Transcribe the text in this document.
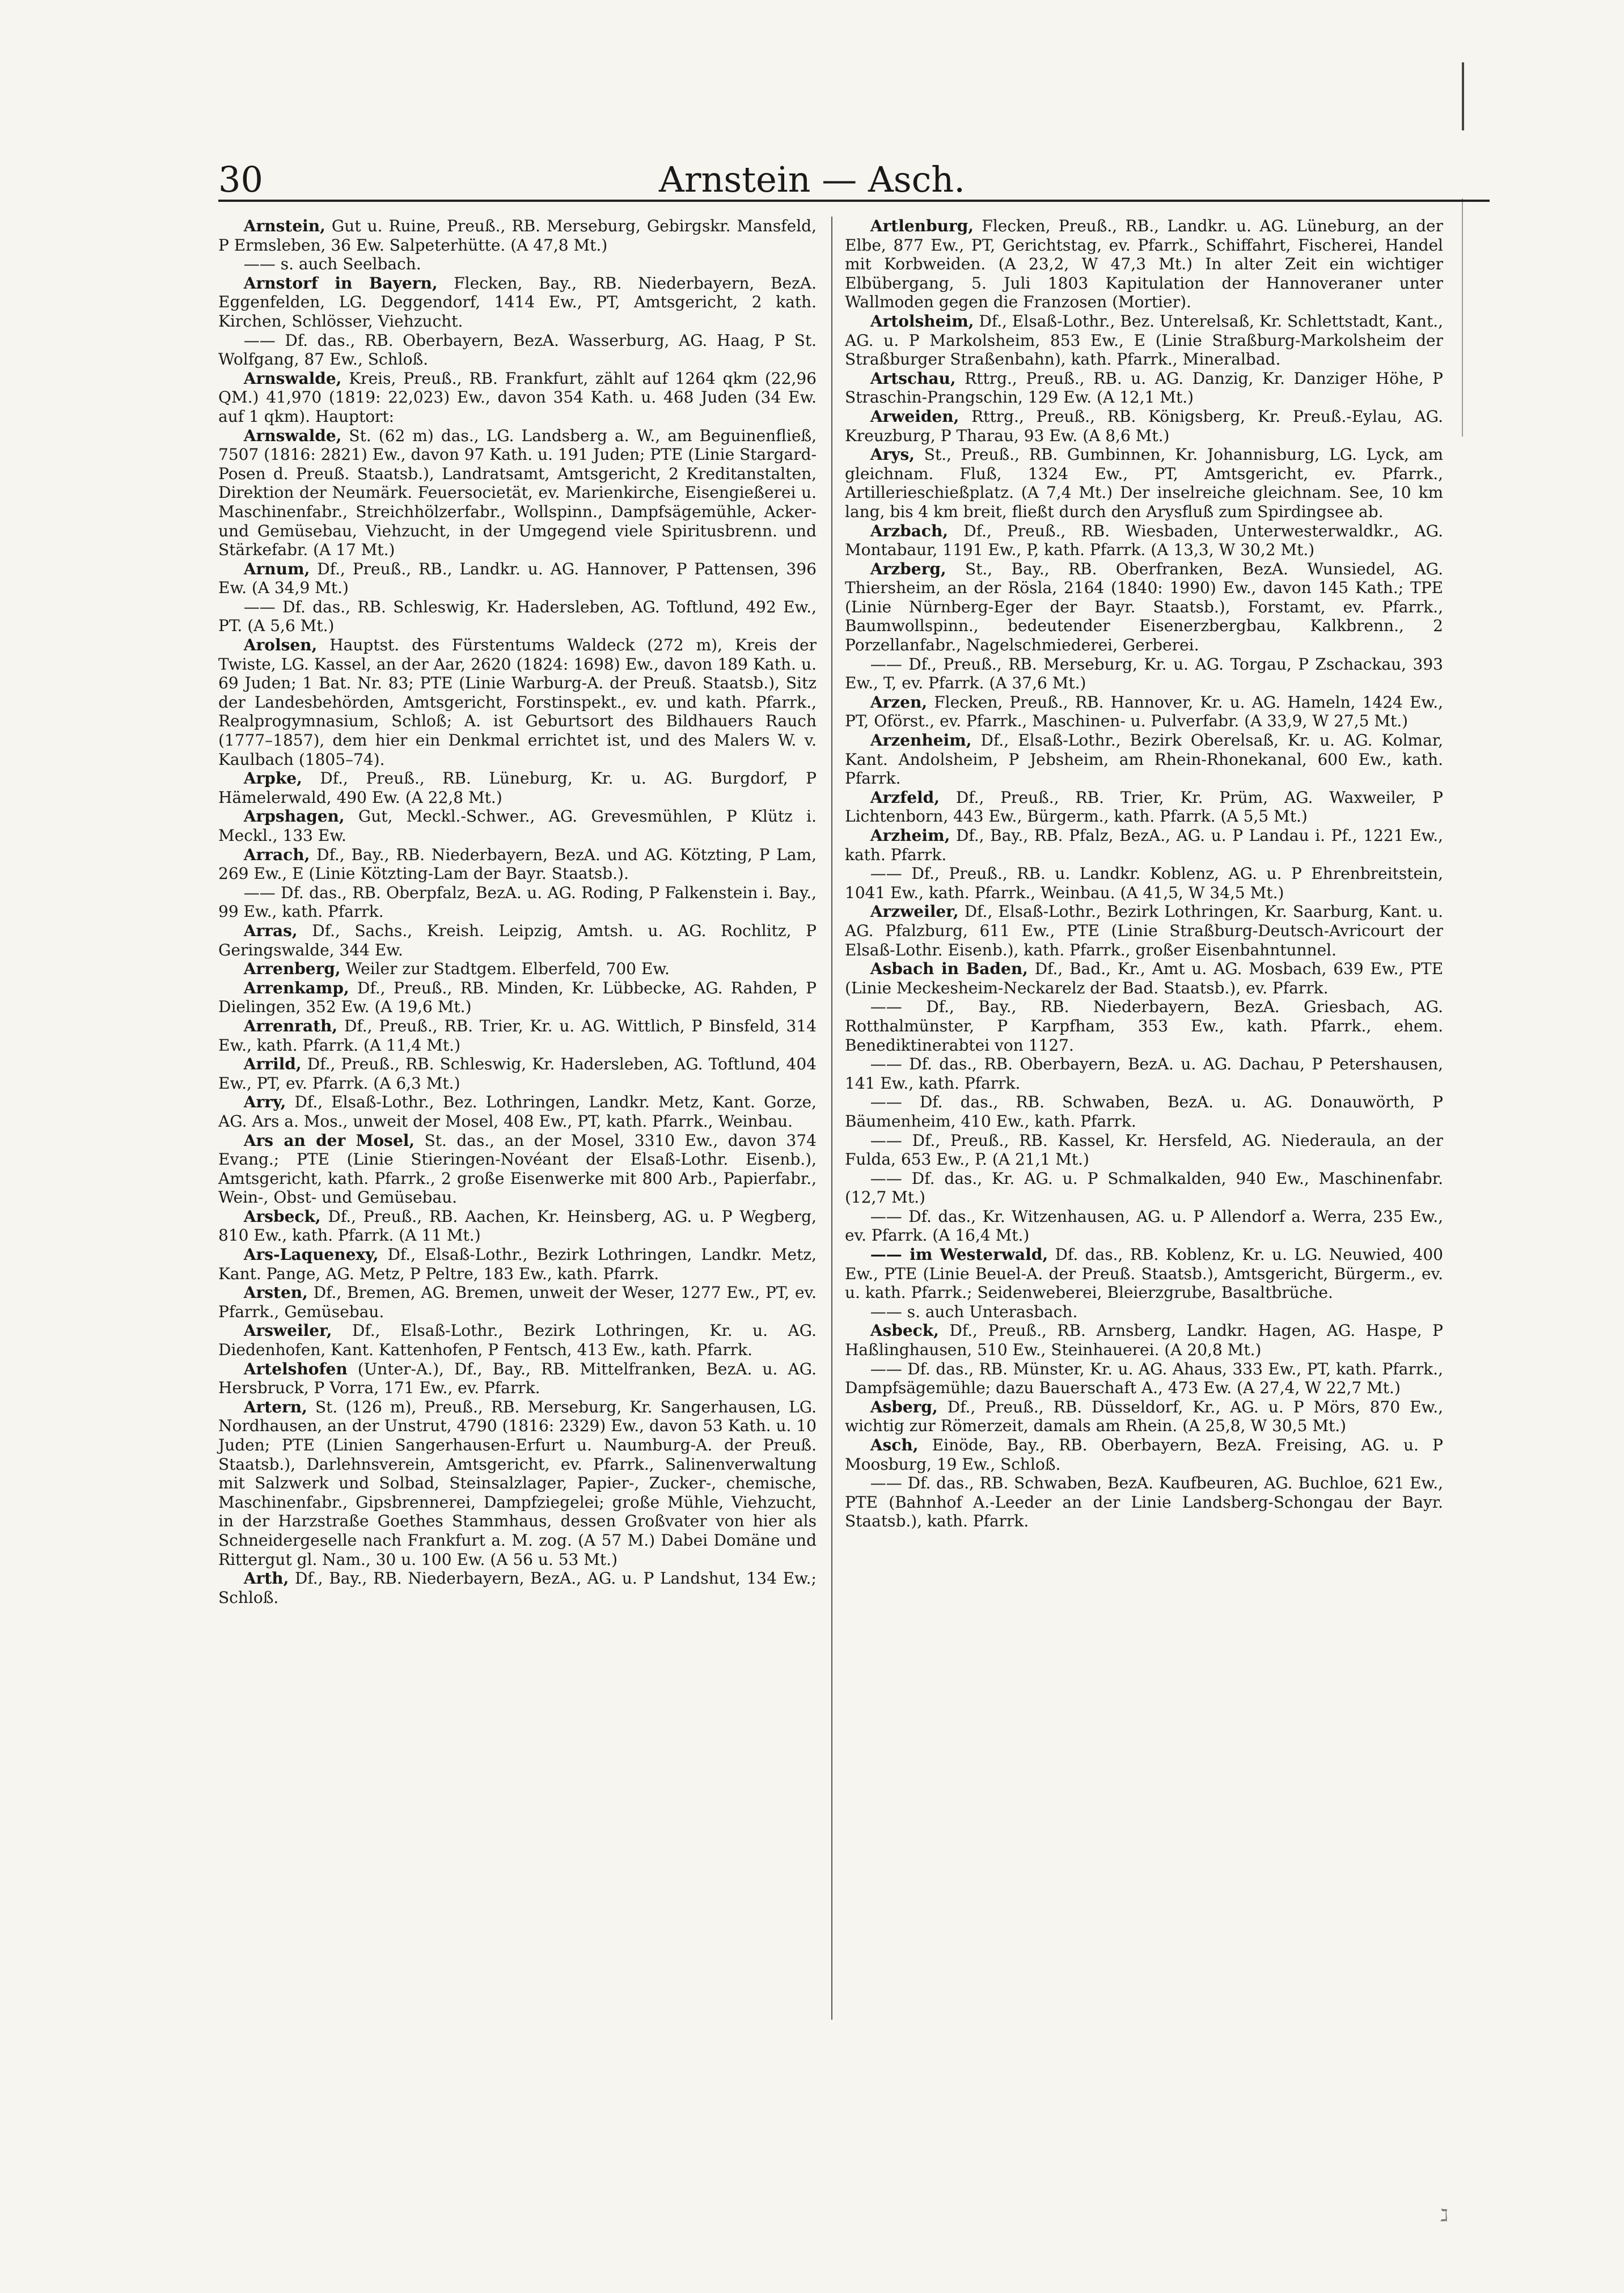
30	Arnstein — Asch.

Arnstein, Gut u. Ruine, Preuß., RB. Merseburg, Gebirgskr. Mansfeld, P Ermsleben, 36 Ew. Salpeterhütte. (A 47,8 Mt.)

—— s. auch Seelbach.

Arnstorf in Bayern, Flecken, Bay., RB. Niederbayern, BezA. Eggenfelden, LG. Deggendorf, 1414 Ew., PT, Amtsgericht, 2 kath. Kirchen, Schlösser, Viehzucht.

—— Df. das., RB. Oberbayern, BezA. Wasserburg, AG. Haag, P St. Wolfgang, 87 Ew., Schloß.

Arnswalde, Kreis, Preuß., RB. Frankfurt, zählt auf 1264 qkm (22,96 QM.) 41,970 (1819: 22,023) Ew., davon 354 Kath. u. 468 Juden (34 Ew. auf 1 qkm). Hauptort:

Arnswalde, St. (62 m) das., LG. Landsberg a. W., am Beguinenfließ, 7507 (1816: 2821) Ew., davon 97 Kath. u. 191 Juden; PTE (Linie Stargard-Posen d. Preuß. Staatsb.), Landratsamt, Amtsgericht, 2 Kreditanstalten, Direktion der Neumärk. Feuersocietät, ev. Marienkirche, Eisengießerei u. Maschinenfabr., Streichhölzerfabr., Wollspinn., Dampfsägemühle, Acker- und Gemüsebau, Viehzucht, in der Umgegend viele Spiritusbrenn. und Stärkefabr. (A 17 Mt.)

Arnum, Df., Preuß., RB., Landkr. u. AG. Hannover, P Pattensen, 396 Ew. (A 34,9 Mt.)

—— Df. das., RB. Schleswig, Kr. Hadersleben, AG. Toftlund, 492 Ew., PT. (A 5,6 Mt.)

Arolsen, Hauptst. des Fürstentums Waldeck (272 m), Kreis der Twiste, LG. Kassel, an der Aar, 2620 (1824: 1698) Ew., davon 189 Kath. u. 69 Juden; 1 Bat. Nr. 83; PTE (Linie Warburg-A. der Preuß. Staatsb.), Sitz der Landesbehörden, Amtsgericht, Forstinspekt., ev. und kath. Pfarrk., Realprogymnasium, Schloß; A. ist Geburtsort des Bildhauers Rauch (1777–1857), dem hier ein Denkmal errichtet ist, und des Malers W. v. Kaulbach (1805–74).

Arpke, Df., Preuß., RB. Lüneburg, Kr. u. AG. Burgdorf, P Hämelerwald, 490 Ew. (A 22,8 Mt.)

Arpshagen, Gut, Meckl.-Schwer., AG. Grevesmühlen, P Klütz i. Meckl., 133 Ew.

Arrach, Df., Bay., RB. Niederbayern, BezA. und AG. Kötzting, P Lam, 269 Ew., E (Linie Kötzting-Lam der Bayr. Staatsb.).

—— Df. das., RB. Oberpfalz, BezA. u. AG. Roding, P Falkenstein i. Bay., 99 Ew., kath. Pfarrk.

Arras, Df., Sachs., Kreish. Leipzig, Amtsh. u. AG. Rochlitz, P Geringswalde, 344 Ew.

Arrenberg, Weiler zur Stadtgem. Elberfeld, 700 Ew.

Arrenkamp, Df., Preuß., RB. Minden, Kr. Lübbecke, AG. Rahden, P Dielingen, 352 Ew. (A 19,6 Mt.)

Arrenrath, Df., Preuß., RB. Trier, Kr. u. AG. Wittlich, P Binsfeld, 314 Ew., kath. Pfarrk. (A 11,4 Mt.)

Arrild, Df., Preuß., RB. Schleswig, Kr. Hadersleben, AG. Toftlund, 404 Ew., PT, ev. Pfarrk. (A 6,3 Mt.)

Arry, Df., Elsaß-Lothr., Bez. Lothringen, Landkr. Metz, Kant. Gorze, AG. Ars a. Mos., unweit der Mosel, 408 Ew., PT, kath. Pfarrk., Weinbau.

Ars an der Mosel, St. das., an der Mosel, 3310 Ew., davon 374 Evang.; PTE (Linie Stieringen-Novéant der Elsaß-Lothr. Eisenb.), Amtsgericht, kath. Pfarrk., 2 große Eisenwerke mit 800 Arb., Papierfabr., Wein-, Obst- und Gemüsebau.

Arsbeck, Df., Preuß., RB. Aachen, Kr. Heinsberg, AG. u. P Wegberg, 810 Ew., kath. Pfarrk. (A 11 Mt.)

Ars-Laquenexy, Df., Elsaß-Lothr., Bezirk Lothringen, Landkr. Metz, Kant. Pange, AG. Metz, P Peltre, 183 Ew., kath. Pfarrk.

Arsten, Df., Bremen, AG. Bremen, unweit der Weser, 1277 Ew., PT, ev. Pfarrk., Gemüsebau.

Arsweiler, Df., Elsaß-Lothr., Bezirk Lothringen, Kr. u. AG. Diedenhofen, Kant. Kattenhofen, P Fentsch, 413 Ew., kath. Pfarrk.

Artelshofen (Unter-A.), Df., Bay., RB. Mittelfranken, BezA. u. AG. Hersbruck, P Vorra, 171 Ew., ev. Pfarrk.

Artern, St. (126 m), Preuß., RB. Merseburg, Kr. Sangerhausen, LG. Nordhausen, an der Unstrut, 4790 (1816: 2329) Ew., davon 53 Kath. u. 10 Juden; PTE (Linien Sangerhausen-Erfurt u. Naumburg-A. der Preuß. Staatsb.), Darlehnsverein, Amtsgericht, ev. Pfarrk., Salinenverwaltung mit Salzwerk und Solbad, Steinsalzlager, Papier-, Zucker-, chemische, Maschinenfabr., Gipsbrennerei, Dampfziegelei; große Mühle, Viehzucht, in der Harzstraße Goethes Stammhaus, dessen Großvater von hier als Schneidergeselle nach Frankfurt a. M. zog. (A 57 M.) Dabei Domäne und Rittergut gl. Nam., 30 u. 100 Ew. (A 56 u. 53 Mt.)

Arth, Df., Bay., RB. Niederbayern, BezA., AG. u. P Landshut, 134 Ew.; Schloß.

Artlenburg, Flecken, Preuß., RB., Landkr. u. AG. Lüneburg, an der Elbe, 877 Ew., PT, Gerichtstag, ev. Pfarrk., Schiffahrt, Fischerei, Handel mit Korbweiden. (A 23,2, W 47,3 Mt.) In alter Zeit ein wichtiger Elbübergang, 5. Juli 1803 Kapitulation der Hannoveraner unter Wallmoden gegen die Franzosen (Mortier).

Artolsheim, Df., Elsaß-Lothr., Bez. Unterelsaß, Kr. Schlettstadt, Kant., AG. u. P Markolsheim, 853 Ew., E (Linie Straßburg-Markolsheim der Straßburger Straßenbahn), kath. Pfarrk., Mineralbad.

Artschau, Rttrg., Preuß., RB. u. AG. Danzig, Kr. Danziger Höhe, P Straschin-Prangschin, 129 Ew. (A 12,1 Mt.)

Arweiden, Rttrg., Preuß., RB. Königsberg, Kr. Preuß.-Eylau, AG. Kreuzburg, P Tharau, 93 Ew. (A 8,6 Mt.)

Arys, St., Preuß., RB. Gumbinnen, Kr. Johannisburg, LG. Lyck, am gleichnam. Fluß, 1324 Ew., PT, Amtsgericht, ev. Pfarrk., Artillerieschießplatz. (A 7,4 Mt.) Der inselreiche gleichnam. See, 10 km lang, bis 4 km breit, fließt durch den Arysfluß zum Spirdingsee ab.

Arzbach, Df., Preuß., RB. Wiesbaden, Unterwesterwaldkr., AG. Montabaur, 1191 Ew., P, kath. Pfarrk. (A 13,3, W 30,2 Mt.)

Arzberg, St., Bay., RB. Oberfranken, BezA. Wunsiedel, AG. Thiersheim, an der Rösla, 2164 (1840: 1990) Ew., davon 145 Kath.; TPE (Linie Nürnberg-Eger der Bayr. Staatsb.), Forstamt, ev. Pfarrk., Baumwollspinn., bedeutender Eisenerzbergbau, Kalkbrenn., 2 Porzellanfabr., Nagelschmiederei, Gerberei.

—— Df., Preuß., RB. Merseburg, Kr. u. AG. Torgau, P Zschackau, 393 Ew., T, ev. Pfarrk. (A 37,6 Mt.)

Arzen, Flecken, Preuß., RB. Hannover, Kr. u. AG. Hameln, 1424 Ew., PT, Oförst., ev. Pfarrk., Maschinen- u. Pulverfabr. (A 33,9, W 27,5 Mt.)

Arzenheim, Df., Elsaß-Lothr., Bezirk Oberelsaß, Kr. u. AG. Kolmar, Kant. Andolsheim, P Jebsheim, am Rhein-Rhonekanal, 600 Ew., kath. Pfarrk.

Arzfeld, Df., Preuß., RB. Trier, Kr. Prüm, AG. Waxweiler, P Lichtenborn, 443 Ew., Bürgerm., kath. Pfarrk. (A 5,5 Mt.)

Arzheim, Df., Bay., RB. Pfalz, BezA., AG. u. P Landau i. Pf., 1221 Ew., kath. Pfarrk.

—— Df., Preuß., RB. u. Landkr. Koblenz, AG. u. P Ehrenbreitstein, 1041 Ew., kath. Pfarrk., Weinbau. (A 41,5, W 34,5 Mt.)

Arzweiler, Df., Elsaß-Lothr., Bezirk Lothringen, Kr. Saarburg, Kant. u. AG. Pfalzburg, 611 Ew., PTE (Linie Straßburg-Deutsch-Avricourt der Elsaß-Lothr. Eisenb.), kath. Pfarrk., großer Eisenbahntunnel.

Asbach in Baden, Df., Bad., Kr., Amt u. AG. Mosbach, 639 Ew., PTE (Linie Meckesheim-Neckarelz der Bad. Staatsb.), ev. Pfarrk.

—— Df., Bay., RB. Niederbayern, BezA. Griesbach, AG. Rotthalmünster, P Karpfham, 353 Ew., kath. Pfarrk., ehem. Benediktinerabtei von 1127.

—— Df. das., RB. Oberbayern, BezA. u. AG. Dachau, P Petershausen, 141 Ew., kath. Pfarrk.

—— Df. das., RB. Schwaben, BezA. u. AG. Donauwörth, P Bäumenheim, 410 Ew., kath. Pfarrk.

—— Df., Preuß., RB. Kassel, Kr. Hersfeld, AG. Niederaula, an der Fulda, 653 Ew., P. (A 21,1 Mt.)

—— Df. das., Kr. AG. u. P Schmalkalden, 940 Ew., Maschinenfabr. (12,7 Mt.)

—— Df. das., Kr. Witzenhausen, AG. u. P Allendorf a. Werra, 235 Ew., ev. Pfarrk. (A 16,4 Mt.)

—— im Westerwald, Df. das., RB. Koblenz, Kr. u. LG. Neuwied, 400 Ew., PTE (Linie Beuel-A. der Preuß. Staatsb.), Amtsgericht, Bürgerm., ev. u. kath. Pfarrk.; Seidenweberei, Bleierzgrube, Basaltbrüche.

—— s. auch Unterasbach.

Asbeck, Df., Preuß., RB. Arnsberg, Landkr. Hagen, AG. Haspe, P Haßlinghausen, 510 Ew., Steinhauerei. (A 20,8 Mt.)

—— Df. das., RB. Münster, Kr. u. AG. Ahaus, 333 Ew., PT, kath. Pfarrk., Dampfsägemühle; dazu Bauerschaft A., 473 Ew. (A 27,4, W 22,7 Mt.)

Asberg, Df., Preuß., RB. Düsseldorf, Kr., AG. u. P Mörs, 870 Ew., wichtig zur Römerzeit, damals am Rhein. (A 25,8, W 30,5 Mt.)

Asch, Einöde, Bay., RB. Oberbayern, BezA. Freising, AG. u. P Moosburg, 19 Ew., Schloß.

—— Df. das., RB. Schwaben, BezA. Kaufbeuren, AG. Buchloe, 621 Ew., PTE (Bahnhof A.-Leeder an der Linie Landsberg-Schongau der Bayr. Staatsb.), kath. Pfarrk.

ℷ
